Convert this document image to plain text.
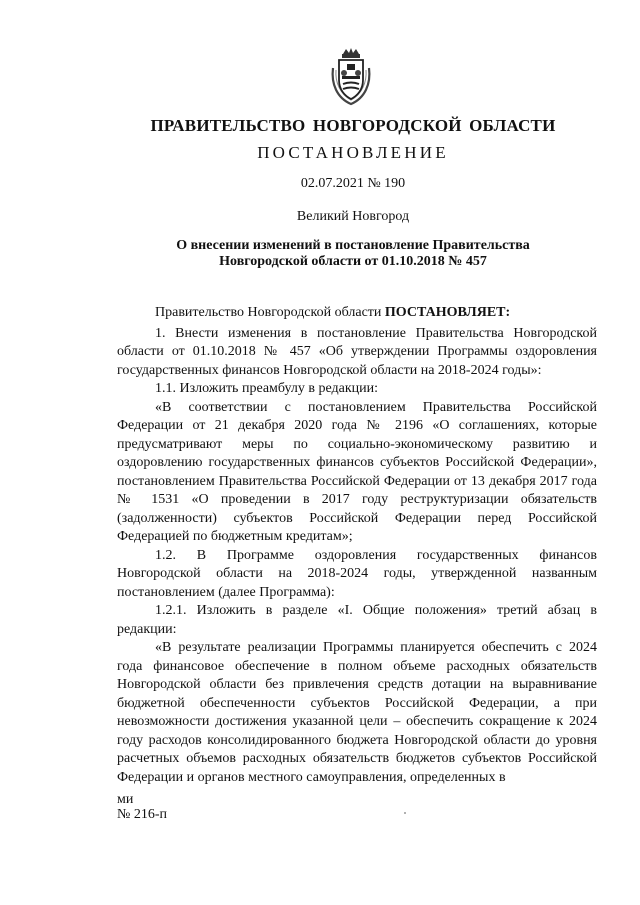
ПРАВИТЕЛЬСТВО НОВГОРОДСКОЙ ОБЛАСТИ
ПОСТАНОВЛЕНИЕ
02.07.2021 № 190
Великий Новгород
О внесении изменений в постановление Правительства
Новгородской области от 01.10.2018 № 457

Правительство Новгородской области ПОСТАНОВЛЯЕТ:

1. Внести изменения в постановление Правительства Новгородской области от 01.10.2018 № 457 «Об утверждении Программы оздоровления государственных финансов Новгородской области на 2018-2024 годы»:

1.1. Изложить преамбулу в редакции:

«В соответствии с постановлением Правительства Российской Федерации от 21 декабря 2020 года № 2196 «О соглашениях, которые предусматривают меры по социально-экономическому развитию и оздоровлению государственных финансов субъектов Российской Федерации», постановлением Правительства Российской Федерации от 13 декабря 2017 года № 1531 «О проведении в 2017 году реструктуризации обязательств (задолженности) субъектов Российской Федерации перед Российской Федерацией по бюджетным кредитам»;

1.2. В Программе оздоровления государственных финансов Новгородской области на 2018-2024 годы, утвержденной названным постановлением (далее Программа):

1.2.1. Изложить в разделе «I. Общие положения» третий абзац в редакции:

«В результате реализации Программы планируется обеспечить с 2024 года финансовое обеспечение в полном объеме расходных обязательств Новгородской области без привлечения средств дотации на выравнивание бюджетной обеспеченности субъектов Российской Федерации, а при невозможности достижения указанной цели – обеспечить сокращение к 2024 году расходов консолидированного бюджета Новгородской области до уровня расчетных объемов расходных обязательств бюджетов субъектов Российской Федерации и органов местного самоуправления, определенных в

ми
№ 216-п
